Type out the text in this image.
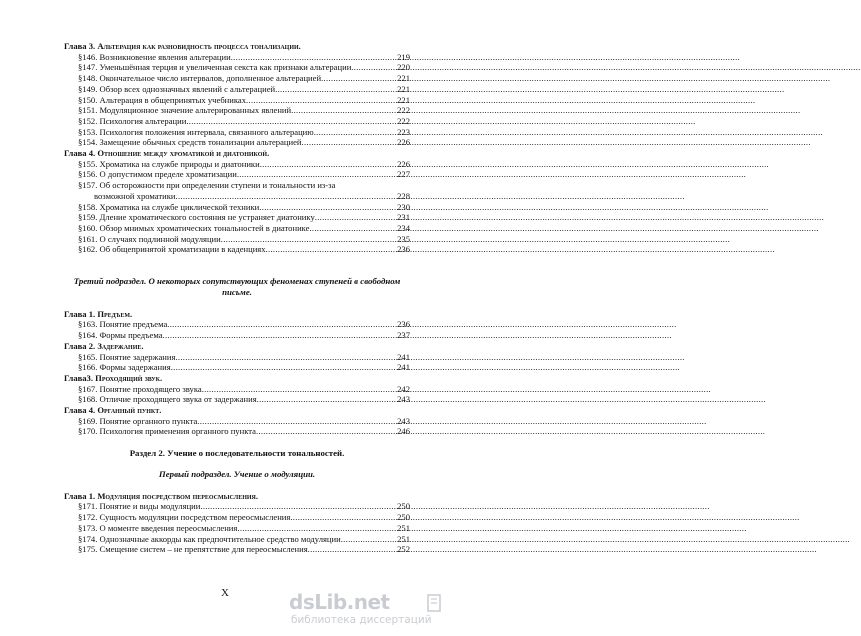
Глава 3.
Альтерация как разновидность процесса тонализации.
§146. Возникновение явления альтерации .....	219
§147. Уменьшённая терция и увеличенная секста как признаки альтерации .....	220
§148. Окончательное число интервалов, дополненное альтерацией .....	221
§149. Обзор всех однозначных явлений с альтерацией .....	221
§150. Альтерация в общепринятых учебниках .....	221
§151. Модуляционное значение альтерированных явлений .....	222
§152. Психология альтерации .....	222
§153. Психология положения интервала, связанного альтерацию .....	223
§154. Замещение обычных средств тонализации альтерацией .....	226
Глава 4.
Отношение между хроматикой и диатоникой.
§155. Хроматика на службе природы и диатоники .....	226
§156. О допустимом пределе хроматизации .....	227
§157. Об осторожности при определении ступени и тональности из-за
возможной хроматики .....	228
§158. Хроматика на службе циклической техники .....	230
§159. Дление хроматического состояния не устраняет диатонику .....	231
§160. Обзор мнимых хроматических тональностей в диатонике .....	234
§161. О случаях подлинной модуляции .....	235
§162. Об общепринятой хроматизации в каденциях .....	236
Третий подраздел. О некоторых сопутствующих феноменах ступеней в свободном письме.
Глава 1.
Предъем.
§163. Понятие предъема .....	236
§164. Формы предъема .....	237
Глава 2.
Задержание.
§165. Понятие задержания .....	241
§166. Формы задержания .....	241
Глава3.
Проходящий звук.
§167. Понятие проходящего звука .....	242
§168. Отличие проходящего звука от задержания .....	243
Глава 4.
Органный пункт.
§169. Понятие органного пункта .....	243
§170. Психология применения органного пункта .....	246
Раздел 2. Учение о последовательности тональностей.
Первый подраздел. Учение о модуляции.
Глава 1.
Модуляция посредством переосмысления.
§171. Понятие и виды модуляции .....	250
§172. Сущность модуляции посредством переосмысления .....	250
§173. О моменте введения переосмысления .....	251
§174. Однозначные аккорды как предпочтительное средство модуляции .....	251
§175. Смещение систем – не препятствие для переосмысления .....	252
X	dsLib.net
библиотека диссертаций
